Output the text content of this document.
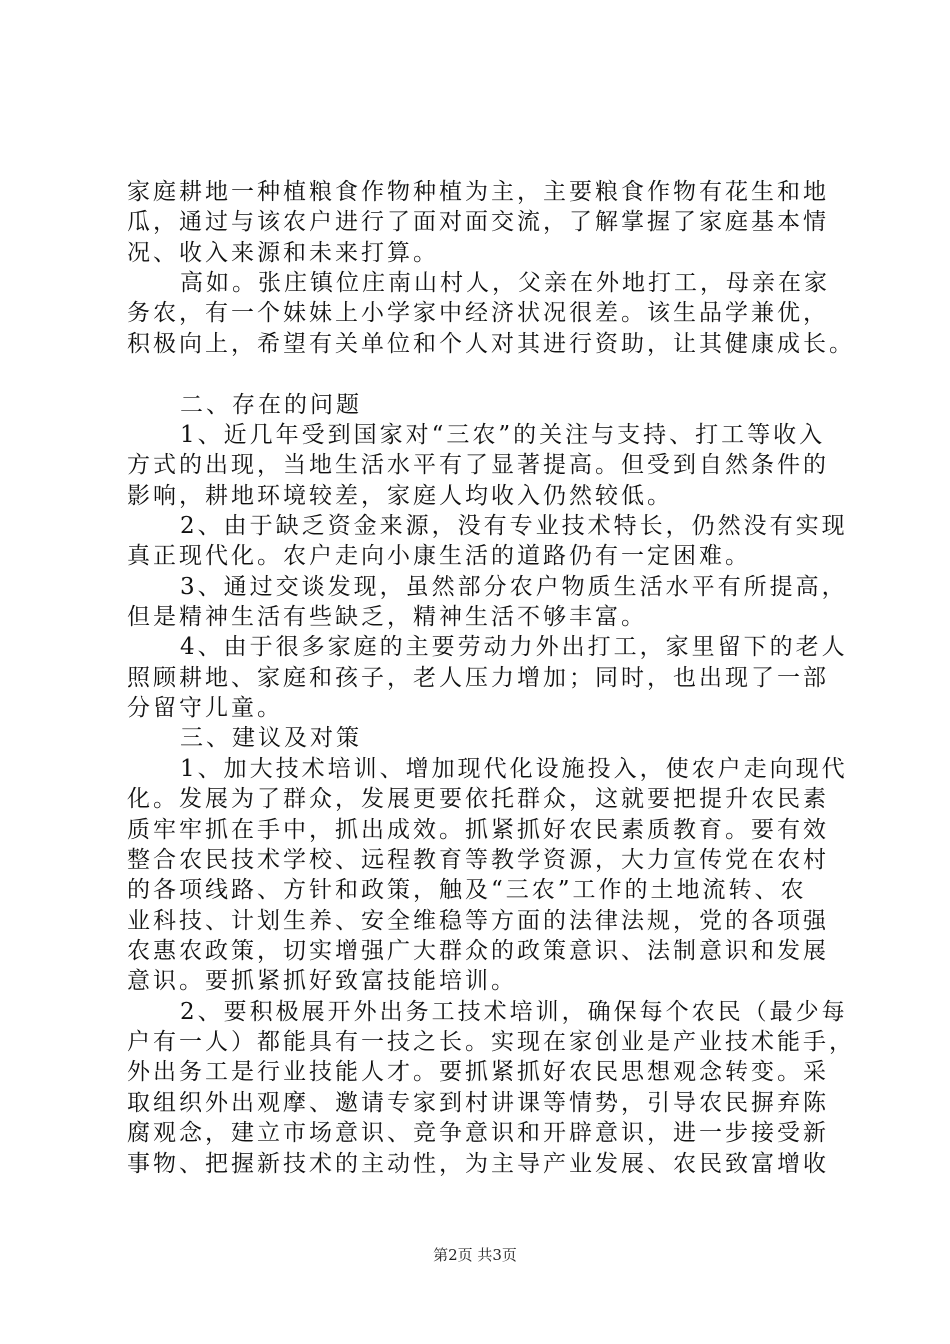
家庭耕地一种植粮食作物种植为主，主要粮食作物有花生和地
瓜，通过与该农户进行了面对面交流，了解掌握了家庭基本情
况、收入来源和未来打算。
高如。张庄镇位庄南山村人，父亲在外地打工，母亲在家
务农，有一个妹妹上小学家中经济状况很差。该生品学兼优，
积极向上，希望有关单位和个人对其进行资助，让其健康成长。
二、存在的问题
1、近几年受到国家对“三农”的关注与支持、打工等收入
方式的出现，当地生活水平有了显著提高。但受到自然条件的
影响，耕地环境较差，家庭人均收入仍然较低。
2、由于缺乏资金来源，没有专业技术特长，仍然没有实现
真正现代化。农户走向小康生活的道路仍有一定困难。
3、通过交谈发现，虽然部分农户物质生活水平有所提高，
但是精神生活有些缺乏，精神生活不够丰富。
4、由于很多家庭的主要劳动力外出打工，家里留下的老人
照顾耕地、家庭和孩子，老人压力增加；同时，也出现了一部
分留守儿童。
三、建议及对策
1、加大技术培训、增加现代化设施投入，使农户走向现代
化。发展为了群众，发展更要依托群众，这就要把提升农民素
质牢牢抓在手中，抓出成效。抓紧抓好农民素质教育。要有效
整合农民技术学校、远程教育等教学资源，大力宣传党在农村
的各项线路、方针和政策，触及“三农”工作的土地流转、农
业科技、计划生养、安全维稳等方面的法律法规，党的各项强
农惠农政策，切实增强广大群众的政策意识、法制意识和发展
意识。要抓紧抓好致富技能培训。
2、要积极展开外出务工技术培训，确保每个农民（最少每
户有一人）都能具有一技之长。实现在家创业是产业技术能手，
外出务工是行业技能人才。要抓紧抓好农民思想观念转变。采
取组织外出观摩、邀请专家到村讲课等情势，引导农民摒弃陈
腐观念，建立市场意识、竞争意识和开辟意识，进一步接受新
事物、把握新技术的主动性，为主导产业发展、农民致富增收
第2页 共3页
